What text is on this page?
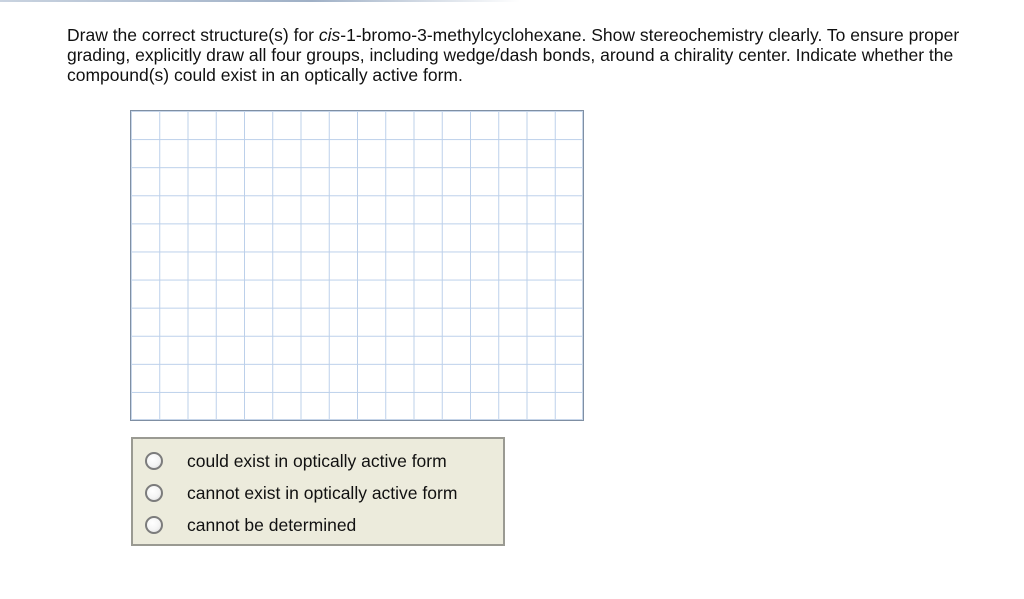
Draw the correct structure(s) for cis-1-bromo-3-methylcyclohexane. Show stereochemistry clearly. To ensure proper grading, explicitly draw all four groups, including wedge/dash bonds, around a chirality center. Indicate whether the compound(s) could exist in an optically active form.

could exist in optically active form
cannot exist in optically active form
cannot be determined
